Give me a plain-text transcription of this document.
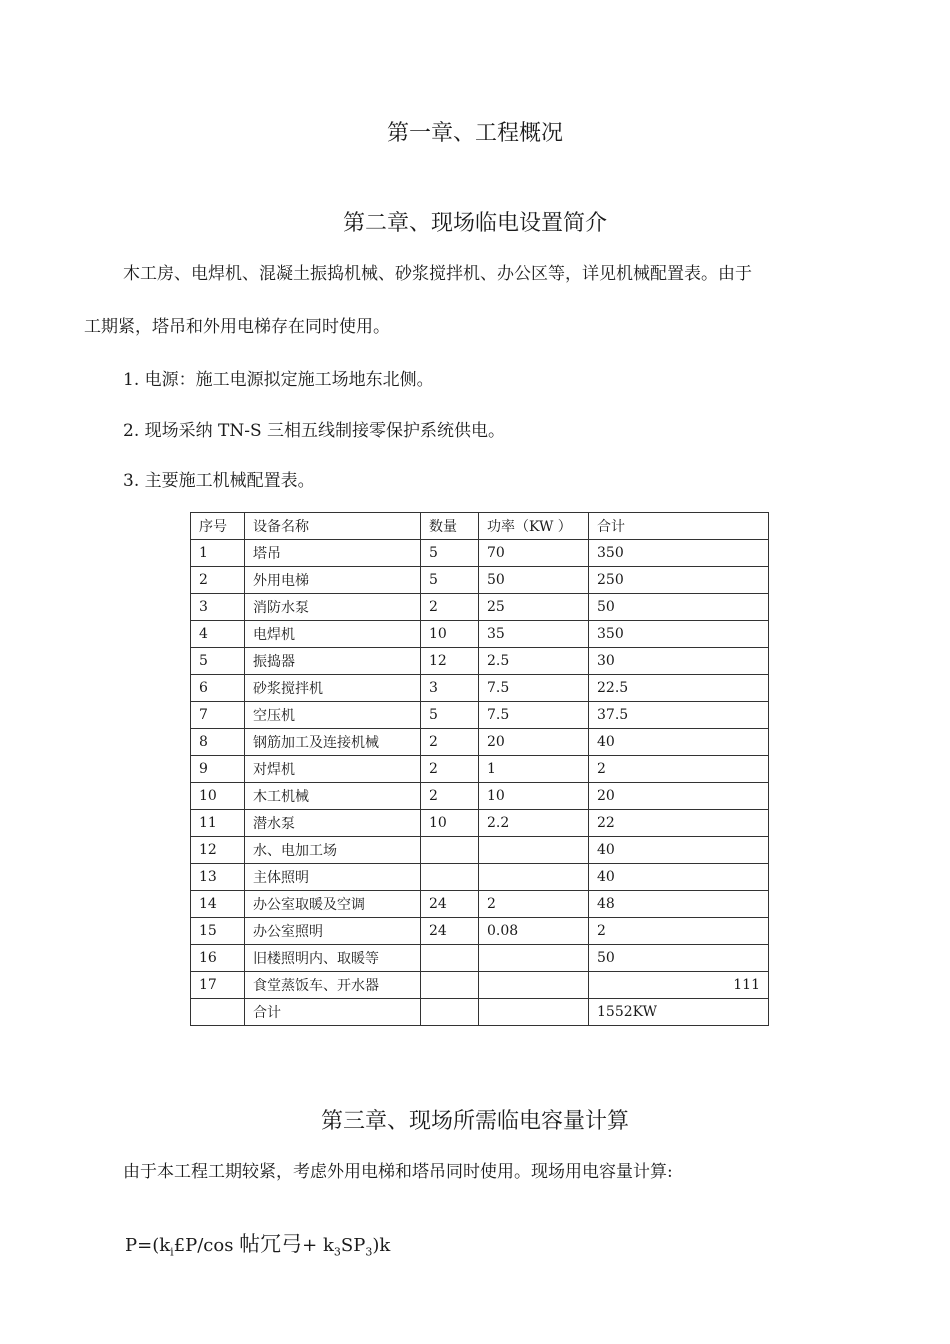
第一章、工程概况
第二章、现场临电设置简介

木工房、电焊机、混凝土振捣机械、砂浆搅拌机、办公区等，详见机械配置表。由于

工期紧，塔吊和外用电梯存在同时使用。

1. 电源：施工电源拟定施工场地东北侧。

2. 现场采纳 TN-S 三相五线制接零保护系统供电。

3. 主要施工机械配置表。

序号	设备名称	数量	功率（KW ）	合计
1	塔吊	5	70	350
2	外用电梯	5	50	250
3	消防水泵	2	25	50
4	电焊机	10	35	350
5	振捣器	12	2.5	30
6	砂浆搅拌机	3	7.5	22.5
7	空压机	5	7.5	37.5
8	钢筋加工及连接机械	2	20	40
9	对焊机	2	1	2
10	木工机械	2	10	20
11	潜水泵	10	2.2	22
12	水、电加工场			40
13	主体照明			40
14	办公室取暖及空调	24	2	48
15	办公室照明	24	0.08	2
16	旧楼照明内、取暖等			50
17	食堂蒸饭车、开水器			111
	合计			1552KW
第三章、现场所需临电容量计算

由于本工程工期较紧，考虑外用电梯和塔吊同时使用。现场用电容量计算:

$P=(k_i£P/\cos$ 帖冗弓+ $k_3SP_3)k$
